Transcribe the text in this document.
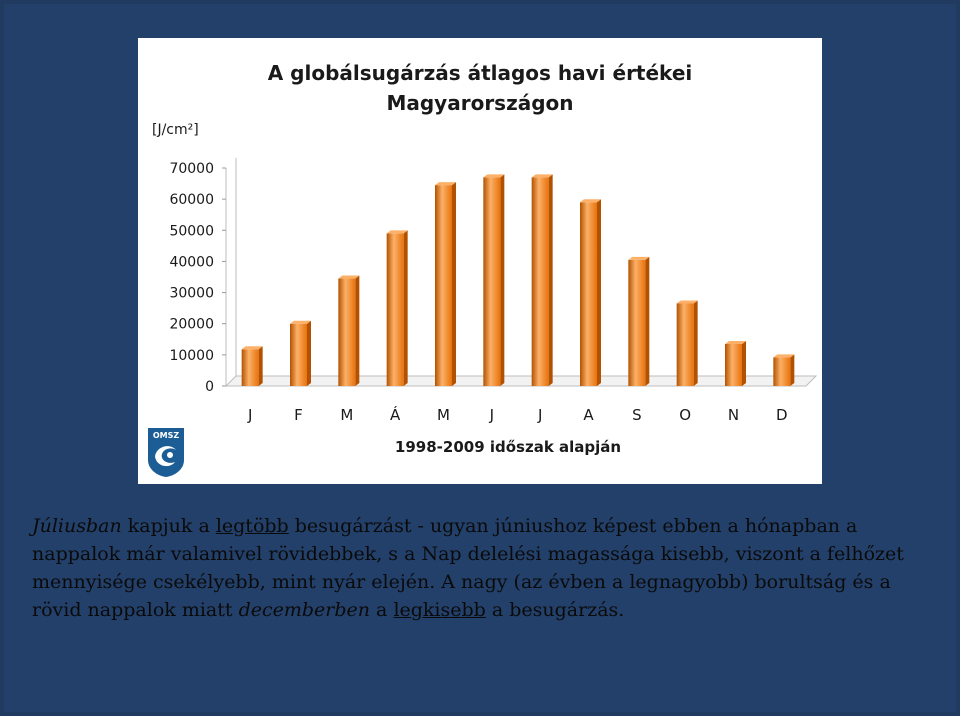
A globálsugárzás átlagos havi értékei
Magyarországon
[J/cm²]
0
10000
20000
30000
40000
50000
60000
70000
J	F	M Á M	J	J	A	S	O N D
1998-2009 időszak alapján
OMSZ

Júliusban kapjuk a legtöbb besugárzást - ugyan júniushoz képest ebben a hónapban a nappalok már valamivel rövidebbek, s a Nap delelési magassága kisebb, viszont a felhőzet mennyisége csekélyebb, mint nyár elején. A nagy (az évben a legnagyobb) borultság és a rövid nappalok miatt decemberben a legkisebb a besugárzás.
